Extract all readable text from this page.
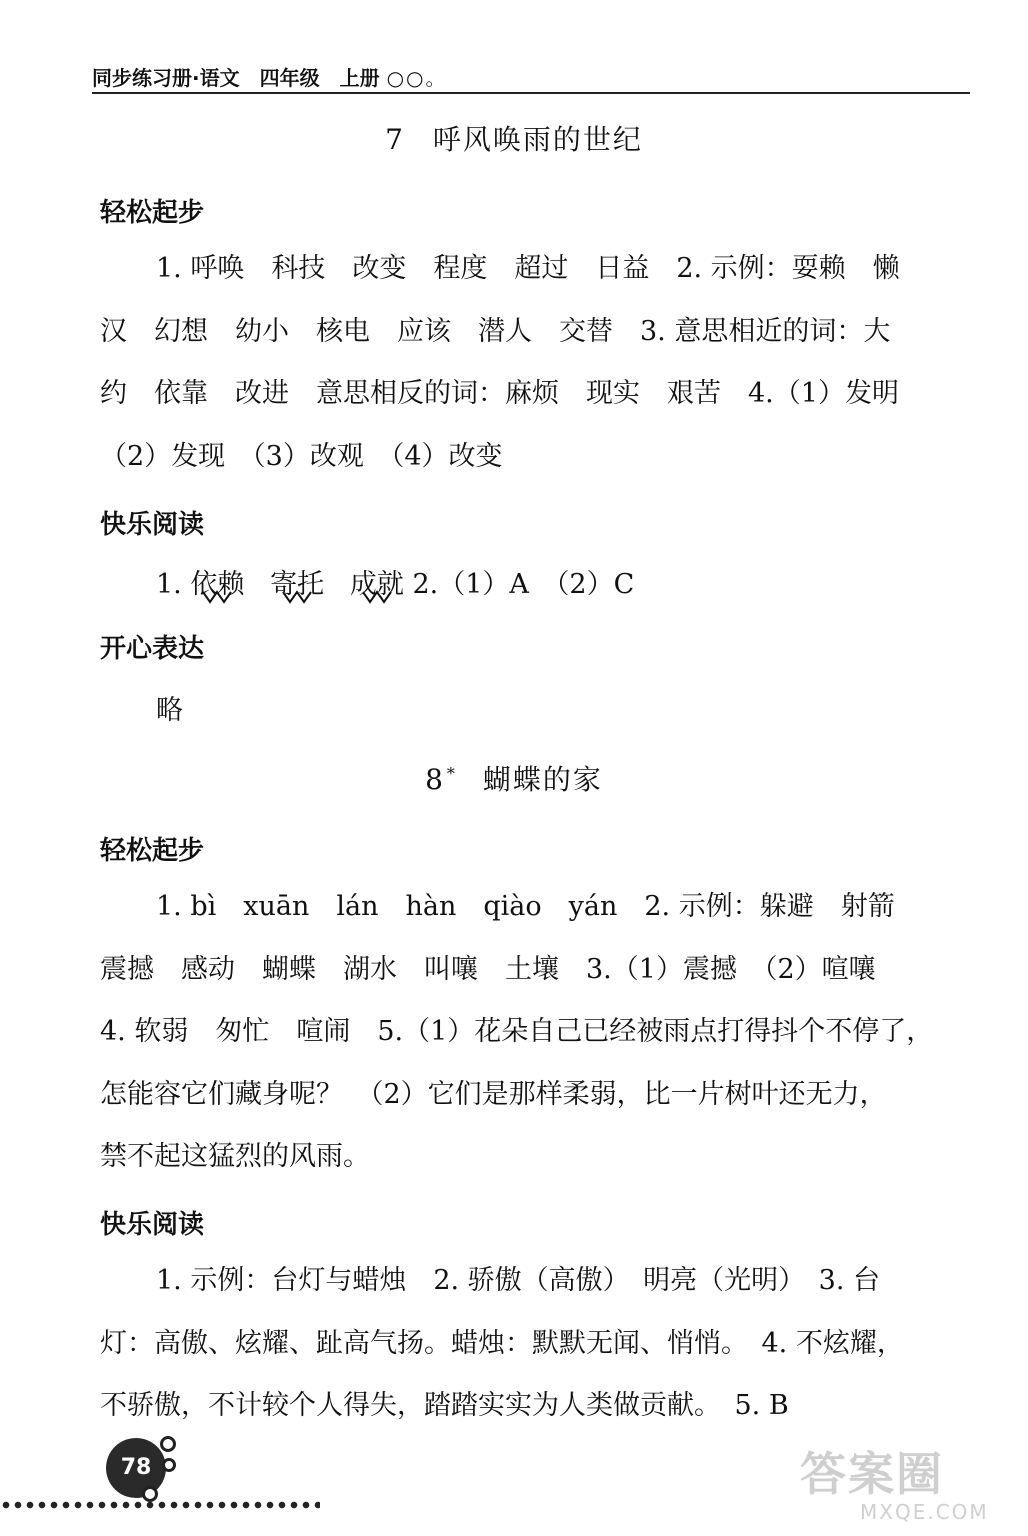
同步练习册·语文　四年级　上册 ○○。
7 呼风唤雨的世纪
轻松起步
1. 呼唤　科技　改变　程度　超过　日益　2. 示例：耍赖　懒
汉　幻想　幼小　核电　应该　潜人　交替　3. 意思相近的词：大
约　依靠　改进　意思相反的词：麻烦　现实　艰苦　4.（1）发明
（2）发现　（3）改观　（4）改变
快乐阅读
1. 依赖 寄托 成就 2.（1）A　（2）C
开心表达
略
8 * 蝴蝶的家
轻松起步
1. bì　xuān　lán　hàn　qiào　yán　2. 示例：躲避　射箭
震撼　感动　蝴蝶　湖水　叫嚷　土壤　3.（1）震撼　（2）喧嚷
4. 软弱　匆忙　喧闹　5.（1）花朵自己已经被雨点打得抖个不停了，
怎能容它们藏身呢？　（2）它们是那样柔弱，比一片树叶还无力，
禁不起这猛烈的风雨。
快乐阅读
1. 示例：台灯与蜡烛　2. 骄傲（高傲）　明亮（光明）　3. 台
灯：高傲、炫耀、趾高气扬。蜡烛：默默无闻、悄悄。　4. 不炫耀，
不骄傲，不计较个人得失，踏踏实实为人类做贡献。　5. B
78	答案圈
MXQE.COM
